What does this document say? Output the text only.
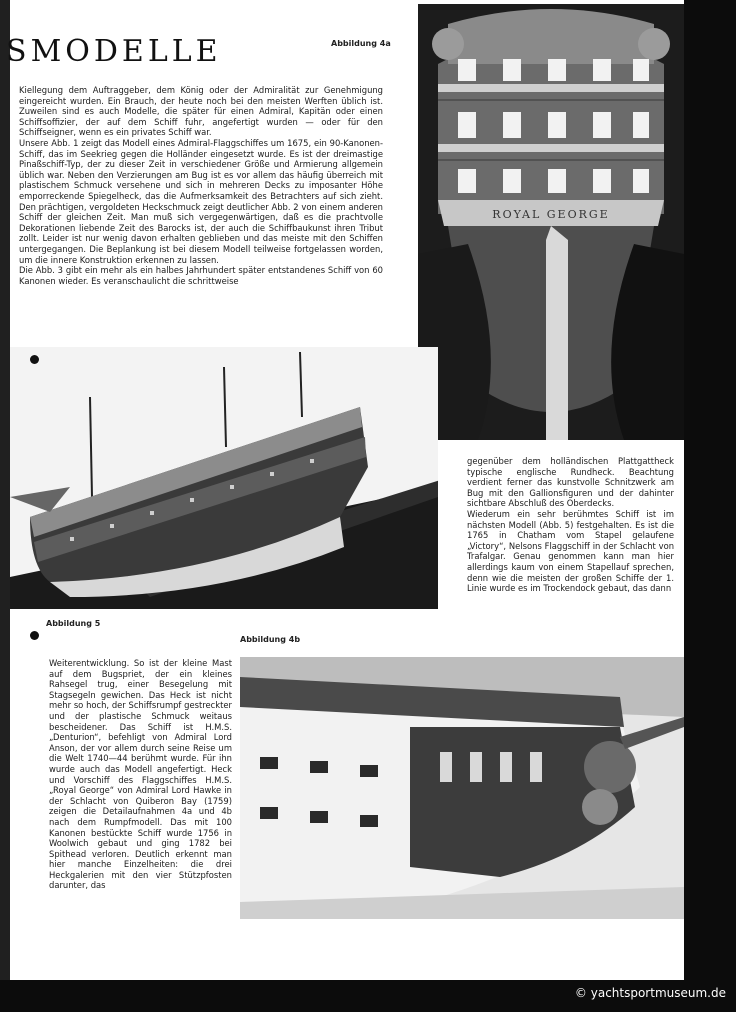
SMODELLE	Abbildung 4a

Kiellegung dem Auftraggeber, dem König oder der Admiralität zur Genehmigung eingereicht wurden. Ein Brauch, der heute noch bei den meisten Werften üblich ist. Zuweilen sind es auch Modelle, die später für einen Admiral, Kapitän oder einen Schiffsoffizier, der auf dem Schiff fuhr, angefertigt wurden — oder für den Schiffseigner, wenn es ein privates Schiff war.

Unsere Abb. 1 zeigt das Modell eines Admiral-Flaggschiffes um 1675, ein 90-Kanonen-Schiff, das im Seekrieg gegen die Holländer eingesetzt wurde. Es ist der dreimastige Pinaßschiff-Typ, der zu dieser Zeit in verschiedener Größe und Armierung allgemein üblich war. Neben den Verzierungen am Bug ist es vor allem das häufig überreich mit plastischem Schmuck versehene und sich in mehreren Decks zu imposanter Höhe emporreckende Spiegelheck, das die Aufmerksamkeit des Betrachters auf sich zieht. Den prächtigen, vergoldeten Heckschmuck zeigt deutlicher Abb. 2 von einem anderen Schiff der gleichen Zeit. Man muß sich vergegenwärtigen, daß es die prachtvolle Dekorationen liebende Zeit des Barocks ist, der auch die Schiffbaukunst ihren Tribut zollt. Leider ist nur wenig davon erhalten geblieben und das meiste mit den Schiffen untergegangen. Die Beplankung ist bei diesem Modell teilweise fortgelassen worden, um die innere Konstruktion erkennen zu lassen.

Die Abb. 3 gibt ein mehr als ein halbes Jahrhundert später entstandenes Schiff von 60 Kanonen wieder. Es veranschaulicht die schrittweise

ROYAL GEORGE
Abbildung 5

gegenüber dem holländischen Plattgattheck typische englische Rundheck. Beachtung verdient ferner das kunstvolle Schnitzwerk am Bug mit den Gallionsfiguren und der dahinter sichtbare Abschluß des Oberdecks.

Wiederum ein sehr berühmtes Schiff ist im nächsten Modell (Abb. 5) festgehalten. Es ist die 1765 in Chatham vom Stapel gelaufene „Victory“, Nelsons Flaggschiff in der Schlacht von Trafalgar. Genau genommen kann man hier allerdings kaum von einem Stapellauf sprechen, denn wie die meisten der großen Schiffe der 1. Linie wurde es im Trockendock gebaut, das dann

Abbildung 4b

Weiterentwicklung. So ist der kleine Mast auf dem Bugspriet, der ein kleines Rahsegel trug, einer Besegelung mit Stagsegeln gewichen. Das Heck ist nicht mehr so hoch, der Schiffsrumpf gestreckter und der plastische Schmuck weitaus bescheidener. Das Schiff ist H.M.S. „Denturion“, befehligt von Admiral Lord Anson, der vor allem durch seine Reise um die Welt 1740—44 berühmt wurde. Für ihn wurde auch das Modell angefertigt. Heck und Vorschiff des Flaggschiffes H.M.S. „Royal George“ von Admiral Lord Hawke in der Schlacht von Quiberon Bay (1759) zeigen die Detailaufnahmen 4a und 4b nach dem Rumpfmodell. Das mit 100 Kanonen bestückte Schiff wurde 1756 in Woolwich gebaut und ging 1782 bei Spithead verloren. Deutlich erkennt man hier manche Einzelheiten: die drei Heckgalerien mit den vier Stützpfosten darunter, das

© yachtsportmuseum.de
